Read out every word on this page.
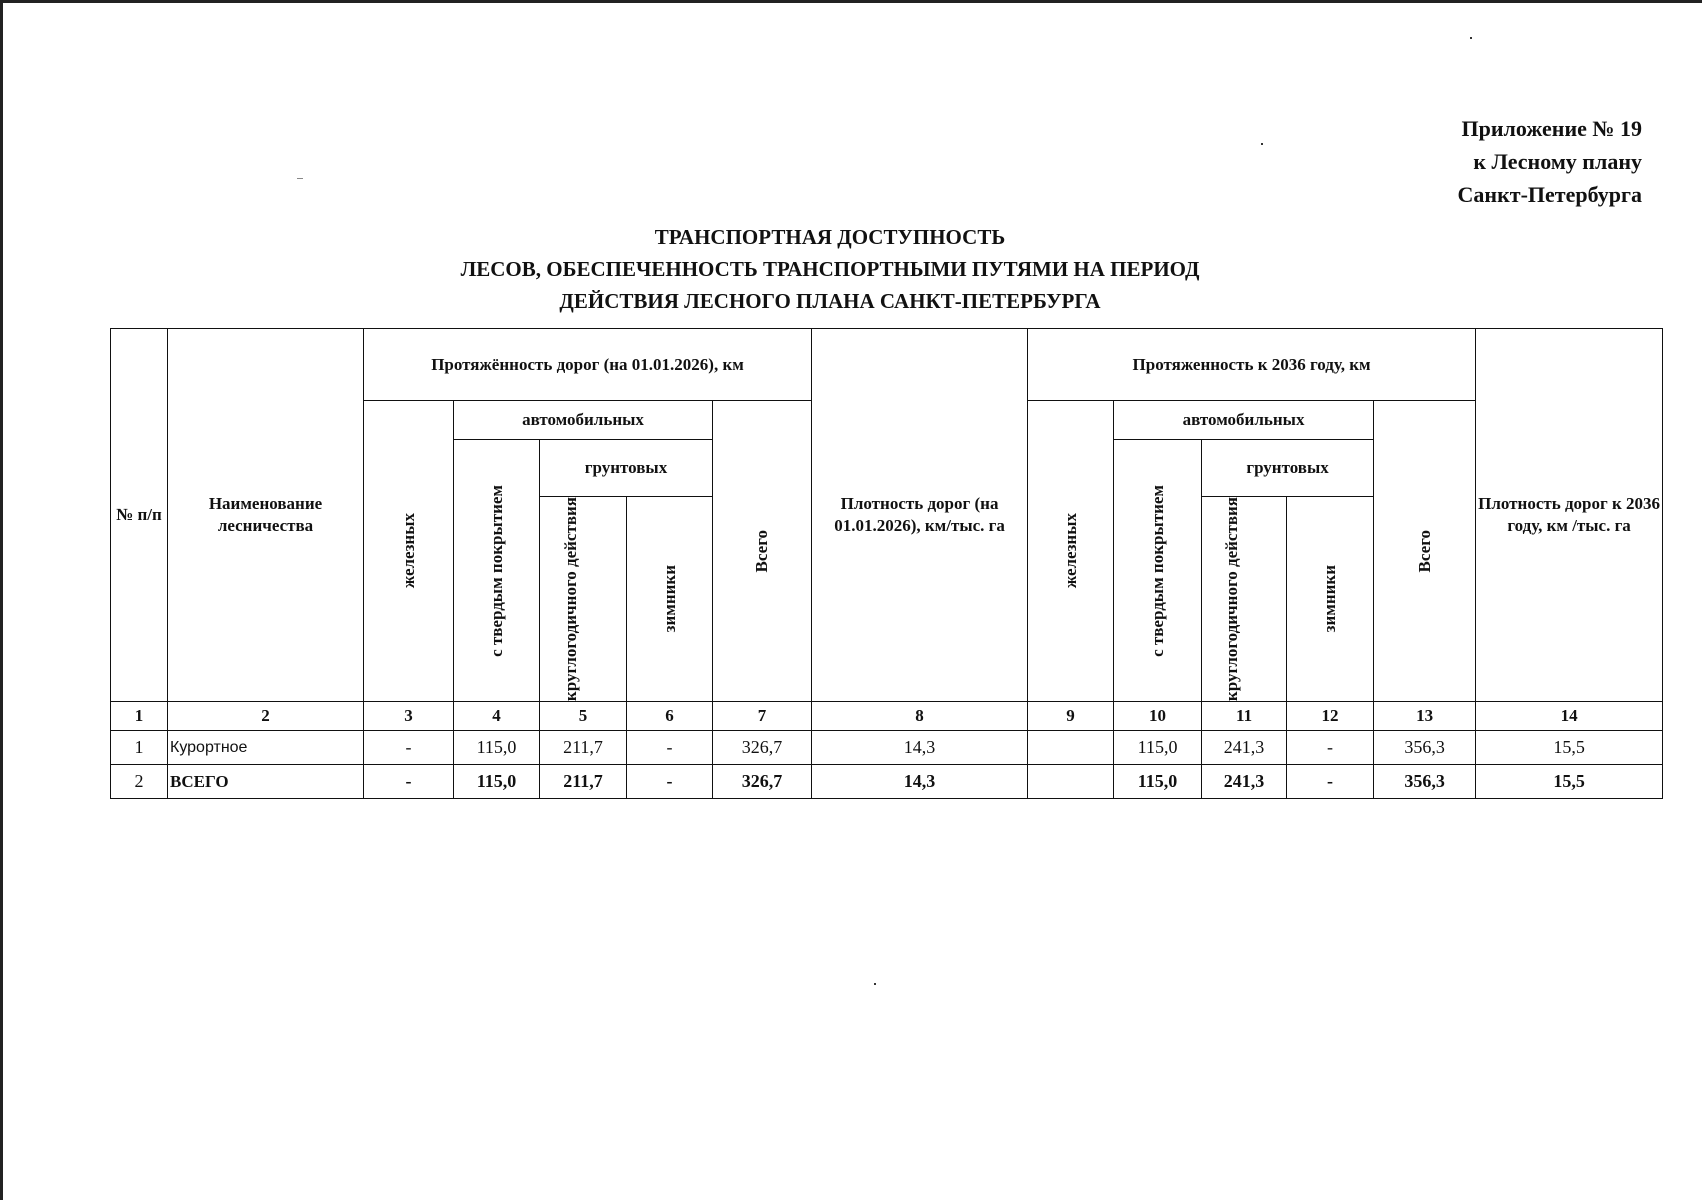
Приложение № 19
к Лесному плану
Санкт-Петербурга
ТРАНСПОРТНАЯ ДОСТУПНОСТЬ
ЛЕСОВ, ОБЕСПЕЧЕННОСТЬ ТРАНСПОРТНЫМИ ПУТЯМИ НА ПЕРИОД
ДЕЙСТВИЯ ЛЕСНОГО ПЛАНА САНКТ-ПЕТЕРБУРГА
№ п/п	Наименование лесничества	Протяжённость дорог (на 01.01.2026), км					Плотность дорог (на 01.01.2026), км/тыс. га	Протяженность к 2036 году, км					Плотность дорог к 2036 году, км /тыс. га

		железных	автомобильных			Всего		железных	автомобильных			Всего	

			с твердым покрытием	грунтовых					с твердым покрытием	грунтовых			

				круглогодичного действия	зимники					круглогодичного действия	зимники		

1	2	3	4	5	6	7	8	9	10	11	12	13	14
1	Курортное	-	115,0	211,7	-	326,7	14,3		115,0	241,3	-	356,3	15,5
2	ВСЕГО	-	115,0	211,7	-	326,7	14,3		115,0	241,3	-	356,3	15,5
